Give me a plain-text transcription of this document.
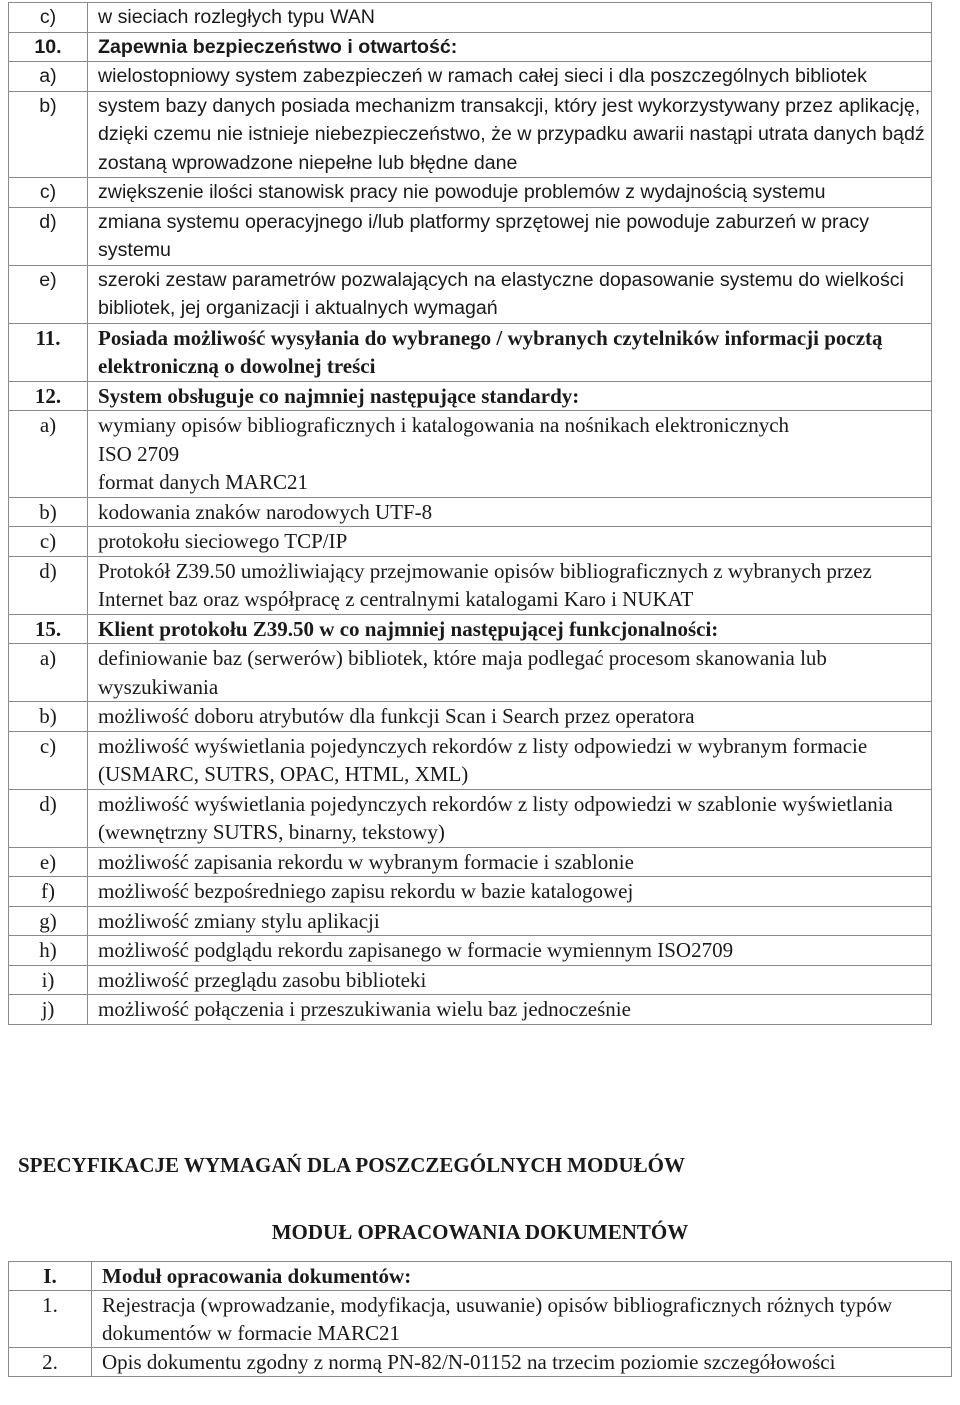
c)	w sieciach rozległych typu WAN
10.	Zapewnia bezpieczeństwo i otwartość:
a)	wielostopniowy system zabezpieczeń w ramach całej sieci i dla poszczególnych bibliotek
b)	system bazy danych posiada mechanizm transakcji, który jest wykorzystywany przez aplikację, dzięki czemu nie istnieje niebezpieczeństwo, że w przypadku awarii nastąpi utrata danych bądź zostaną wprowadzone niepełne lub błędne dane
c)	zwiększenie ilości stanowisk pracy nie powoduje problemów z wydajnością systemu
d)	zmiana systemu operacyjnego i/lub platformy sprzętowej nie powoduje zaburzeń w pracy systemu
e)	szeroki zestaw parametrów pozwalających na elastyczne dopasowanie systemu do wielkości bibliotek, jej organizacji i aktualnych wymagań
11.	Posiada możliwość wysyłania do wybranego / wybranych czytelników informacji pocztą elektroniczną o dowolnej treści
12.	System obsługuje co najmniej następujące standardy:
a)	wymiany opisów bibliograficznych i katalogowania na nośnikach elektronicznych
ISO 2709
format danych MARC21

b)	kodowania znaków narodowych UTF-8
c)	protokołu sieciowego TCP/IP
d)	Protokół Z39.50 umożliwiający przejmowanie opisów bibliograficznych z wybranych przez Internet baz oraz współpracę z centralnymi katalogami Karo i NUKAT
15.	Klient protokołu Z39.50 w co najmniej następującej funkcjonalności:
a)	definiowanie baz (serwerów) bibliotek, które maja podlegać procesom skanowania lub wyszukiwania
b)	możliwość doboru atrybutów dla funkcji Scan i Search przez operatora
c)	możliwość wyświetlania pojedynczych rekordów z listy odpowiedzi w wybranym formacie (USMARC, SUTRS, OPAC, HTML, XML)
d)	możliwość wyświetlania pojedynczych rekordów z listy odpowiedzi w szablonie wyświetlania (wewnętrzny SUTRS, binarny, tekstowy)
e)	możliwość zapisania rekordu w wybranym formacie i szablonie
f)	możliwość bezpośredniego zapisu rekordu w bazie katalogowej
g)	możliwość zmiany stylu aplikacji
h)	możliwość podglądu rekordu zapisanego w formacie wymiennym ISO2709
i)	możliwość przeglądu zasobu biblioteki
j)	możliwość połączenia i przeszukiwania wielu baz jednocześnie
SPECYFIKACJE WYMAGAŃ DLA POSZCZEGÓLNYCH MODUŁÓW
MODUŁ OPRACOWANIA DOKUMENTÓW
I.	Moduł opracowania dokumentów:
1.	Rejestracja (wprowadzanie, modyfikacja, usuwanie) opisów bibliograficznych różnych typów dokumentów w formacie MARC21
2.	Opis dokumentu zgodny z normą PN-82/N-01152 na trzecim poziomie szczegółowości
